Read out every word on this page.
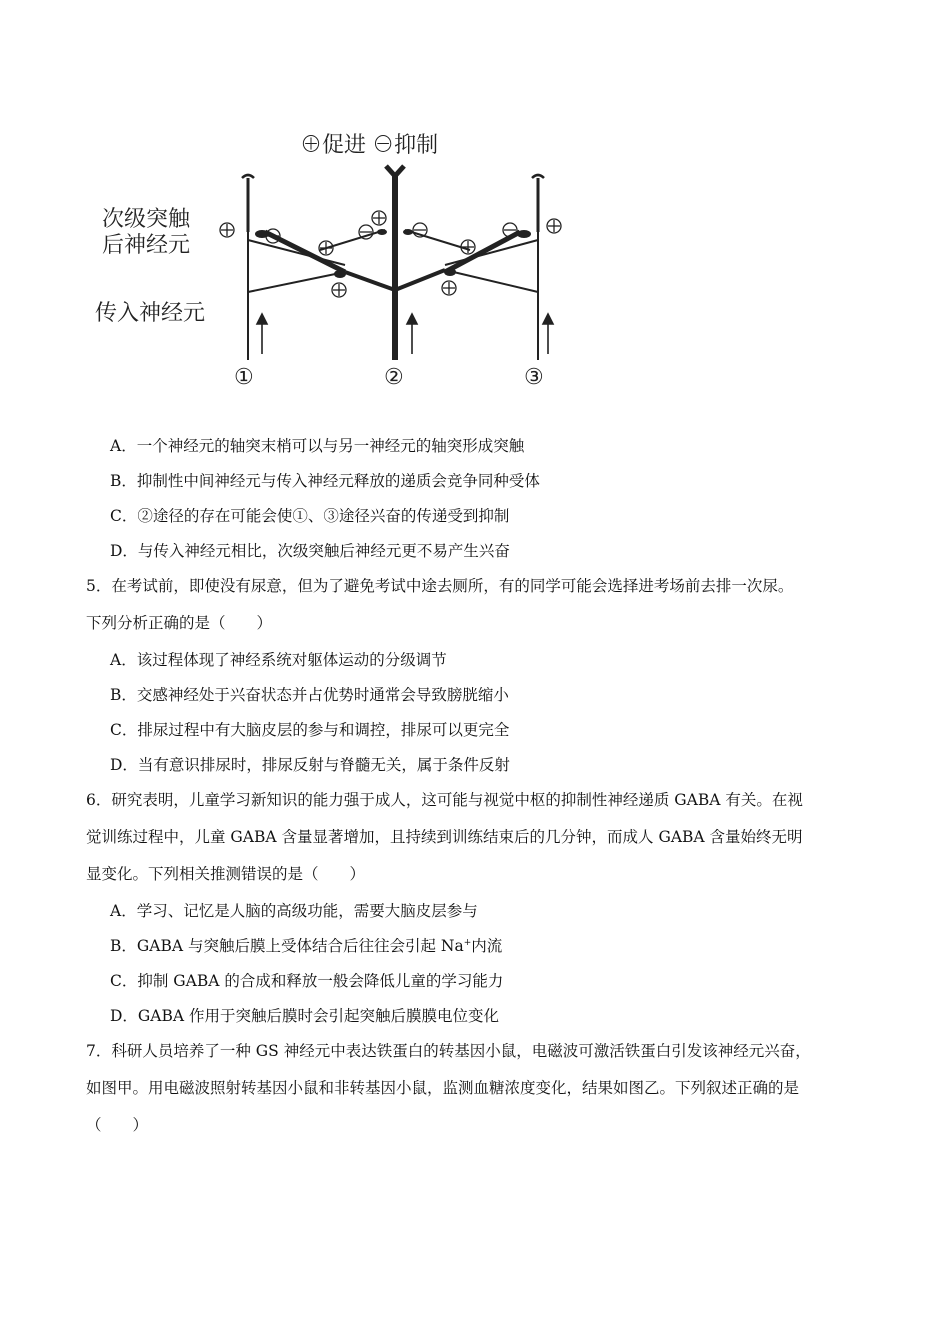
⊕促进 ⊖抑制
次级突触
后神经元
传入神经元
①	②	③
A．一个神经元的轴突末梢可以与另一神经元的轴突形成突触
B．抑制性中间神经元与传入神经元释放的递质会竞争同种受体
C．②途径的存在可能会使①、③途径兴奋的传递受到抑制
D．与传入神经元相比，次级突触后神经元更不易产生兴奋
5．在考试前，即使没有尿意，但为了避免考试中途去厕所，有的同学可能会选择进考场前去排一次尿。
下列分析正确的是（　　）
A．该过程体现了神经系统对躯体运动的分级调节
B．交感神经处于兴奋状态并占优势时通常会导致膀胱缩小
C．排尿过程中有大脑皮层的参与和调控，排尿可以更完全
D．当有意识排尿时，排尿反射与脊髓无关，属于条件反射
6．研究表明，儿童学习新知识的能力强于成人，这可能与视觉中枢的抑制性神经递质 GABA 有关。在视
觉训练过程中，儿童 GABA 含量显著增加，且持续到训练结束后的几分钟，而成人 GABA 含量始终无明
显变化。下列相关推测错误的是（　　）
A．学习、记忆是人脑的高级功能，需要大脑皮层参与
B．GABA 与突触后膜上受体结合后往往会引起 Na+内流
C．抑制 GABA 的合成和释放一般会降低儿童的学习能力
D．GABA 作用于突触后膜时会引起突触后膜膜电位变化
7．科研人员培养了一种 GS 神经元中表达铁蛋白的转基因小鼠，电磁波可激活铁蛋白引发该神经元兴奋，
如图甲。用电磁波照射转基因小鼠和非转基因小鼠，监测血糖浓度变化，结果如图乙。下列叙述正确的是
（　　）
